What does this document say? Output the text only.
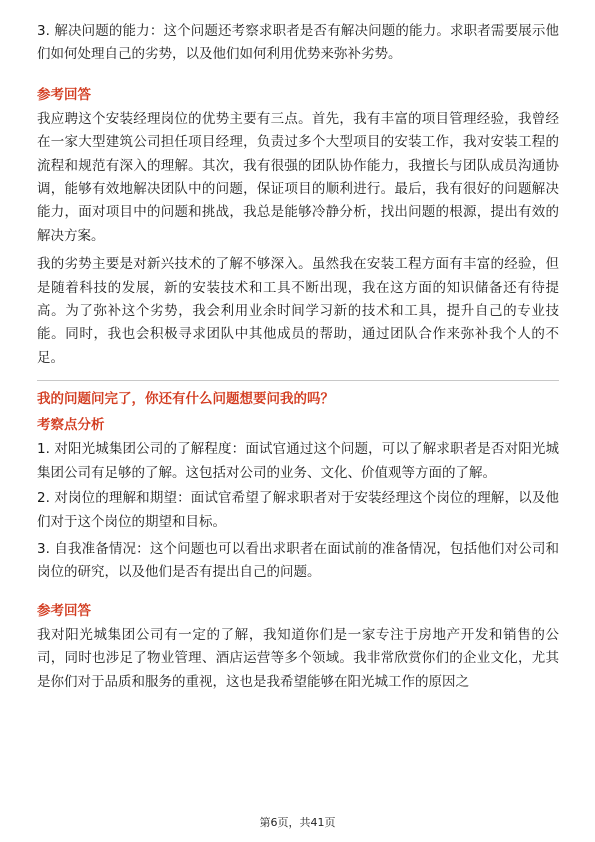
3. 解决问题的能力：这个问题还考察求职者是否有解决问题的能力。求职者需要展示他们如何处理自己的劣势，以及他们如何利用优势来弥补劣势。

参考回答

我应聘这个安装经理岗位的优势主要有三点。首先，我有丰富的项目管理经验，我曾经在一家大型建筑公司担任项目经理，负责过多个大型项目的安装工作，我对安装工程的流程和规范有深入的理解。其次，我有很强的团队协作能力，我擅长与团队成员沟通协调，能够有效地解决团队中的问题，保证项目的顺利进行。最后，我有很好的问题解决能力，面对项目中的问题和挑战，我总是能够冷静分析，找出问题的根源，提出有效的解决方案。

我的劣势主要是对新兴技术的了解不够深入。虽然我在安装工程方面有丰富的经验，但是随着科技的发展，新的安装技术和工具不断出现，我在这方面的知识储备还有待提高。为了弥补这个劣势，我会利用业余时间学习新的技术和工具，提升自己的专业技能。同时，我也会积极寻求团队中其他成员的帮助，通过团队合作来弥补我个人的不足。

我的问题问完了，你还有什么问题想要问我的吗？

考察点分析

1. 对阳光城集团公司的了解程度：面试官通过这个问题，可以了解求职者是否对阳光城集团公司有足够的了解。这包括对公司的业务、文化、价值观等方面的了解。

2. 对岗位的理解和期望：面试官希望了解求职者对于安装经理这个岗位的理解，以及他们对于这个岗位的期望和目标。

3. 自我准备情况：这个问题也可以看出求职者在面试前的准备情况，包括他们对公司和岗位的研究，以及他们是否有提出自己的问题。

参考回答

我对阳光城集团公司有一定的了解，我知道你们是一家专注于房地产开发和销售的公司，同时也涉足了物业管理、酒店运营等多个领域。我非常欣赏你们的企业文化，尤其是你们对于品质和服务的重视，这也是我希望能够在阳光城工作的原因之

第6页，共41页
